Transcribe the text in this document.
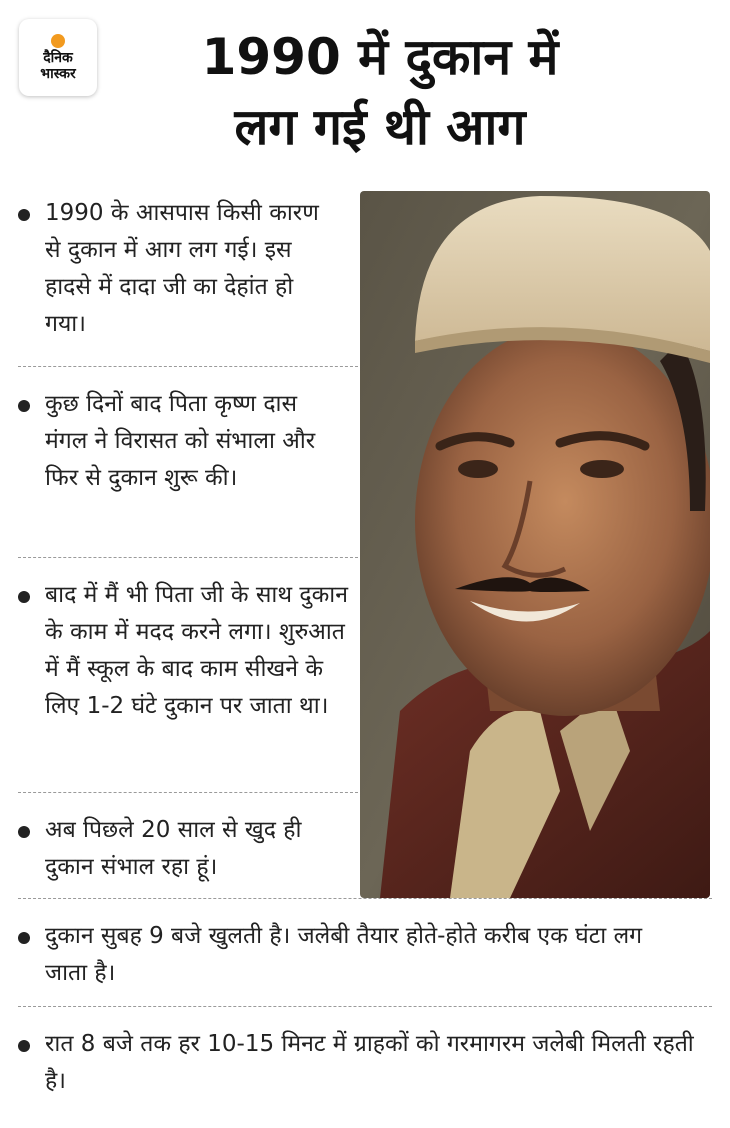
दैनिक
भास्कर	1990 में दुकान में
लग गई थी आग
1990 के आसपास किसी कारण से दुकान में आग लग गई। इस हादसे में दादा जी का देहांत हो गया।
कुछ दिनों बाद पिता कृष्ण दास मंगल ने विरासत को संभाला और फिर से दुकान शुरू की।
बाद में मैं भी पिता जी के साथ दुकान के काम में मदद करने लगा। शुरुआत में मैं स्कूल के बाद काम सीखने के लिए 1-2 घंटे दुकान पर जाता था।
अब पिछले 20 साल से खुद ही दुकान संभाल रहा हूं।
दुकान सुबह 9 बजे खुलती है। जलेबी तैयार होते-होते करीब एक घंटा लग जाता है।
रात 8 बजे तक हर 10-15 मिनट में ग्राहकों को गरमागरम जलेबी मिलती रहती है।
